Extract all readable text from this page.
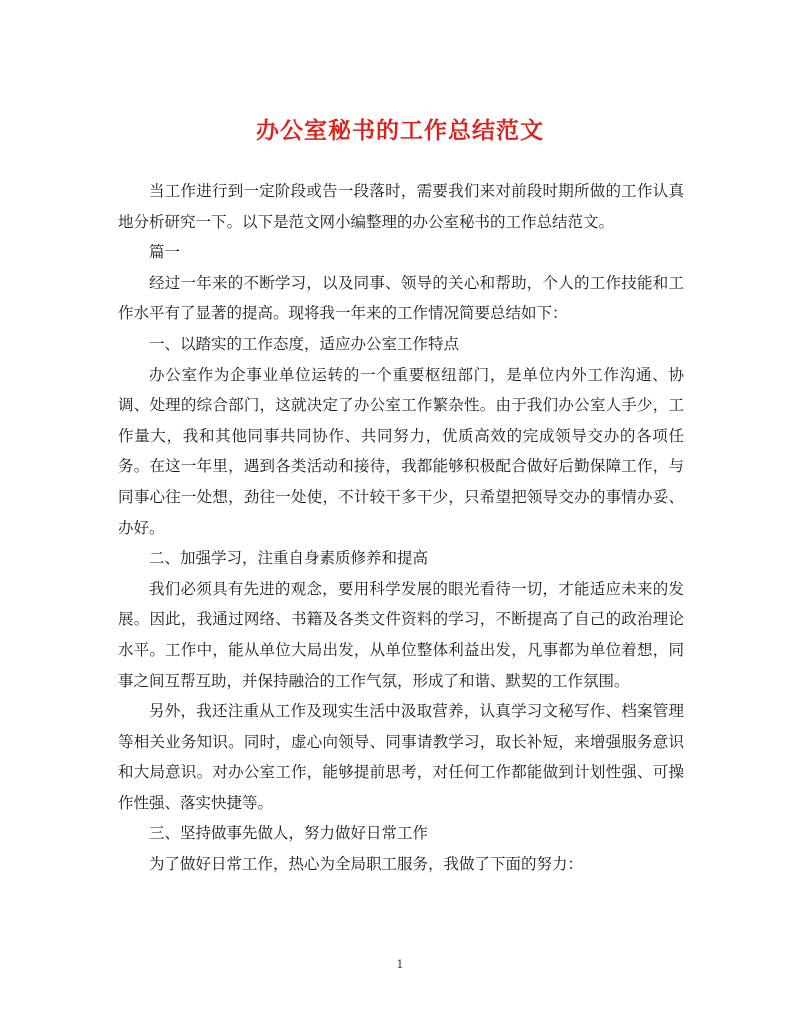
办公室秘书的工作总结范文

当工作进行到一定阶段或告一段落时，需要我们来对前段时期所做的工作认真地分析研究一下。以下是范文网小编整理的办公室秘书的工作总结范文。

篇一

经过一年来的不断学习，以及同事、领导的关心和帮助，个人的工作技能和工作水平有了显著的提高。现将我一年来的工作情况简要总结如下：

一、以踏实的工作态度，适应办公室工作特点

办公室作为企事业单位运转的一个重要枢纽部门，是单位内外工作沟通、协调、处理的综合部门，这就决定了办公室工作繁杂性。由于我们办公室人手少，工作量大，我和其他同事共同协作、共同努力，优质高效的完成领导交办的各项任务。在这一年里，遇到各类活动和接待，我都能够积极配合做好后勤保障工作，与同事心往一处想，劲往一处使，不计较干多干少，只希望把领导交办的事情办妥、办好。

二、加强学习，注重自身素质修养和提高

我们必须具有先进的观念，要用科学发展的眼光看待一切，才能适应未来的发展。因此，我通过网络、书籍及各类文件资料的学习，不断提高了自己的政治理论水平。工作中，能从单位大局出发，从单位整体利益出发，凡事都为单位着想，同事之间互帮互助，并保持融洽的工作气氛，形成了和谐、默契的工作氛围。

另外，我还注重从工作及现实生活中汲取营养，认真学习文秘写作、档案管理等相关业务知识。同时，虚心向领导、同事请教学习，取长补短，来增强服务意识和大局意识。对办公室工作，能够提前思考，对任何工作都能做到计划性强、可操作性强、落实快捷等。

三、坚持做事先做人，努力做好日常工作

为了做好日常工作，热心为全局职工服务，我做了下面的努力：

1
